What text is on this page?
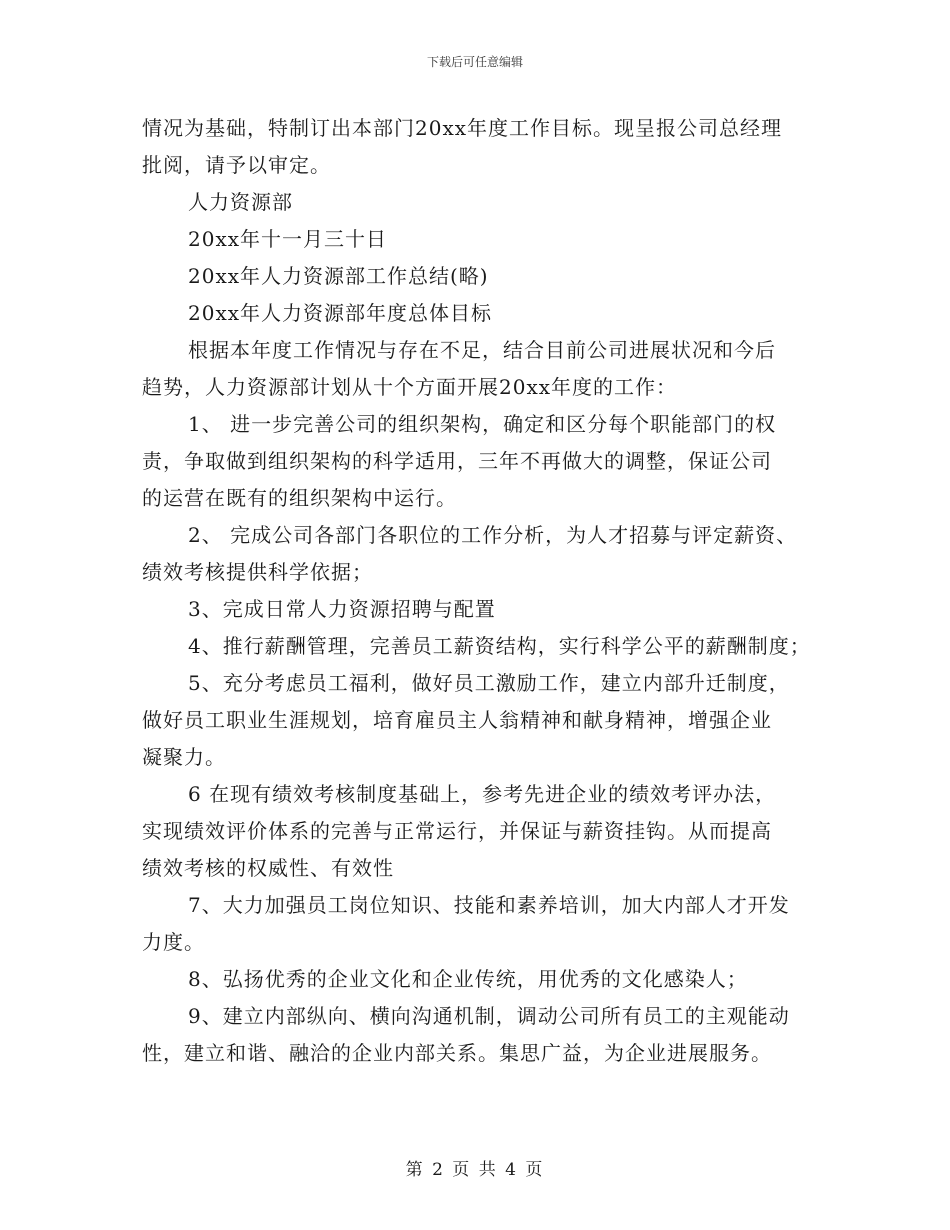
下载后可任意编辑
情况为基础，特制订出本部门20xx年度工作目标。现呈报公司总经理
批阅，请予以审定。
人力资源部
20xx年十一月三十日
20xx年人力资源部工作总结(略)
20xx年人力资源部年度总体目标
根据本年度工作情况与存在不足，结合目前公司进展状况和今后
趋势，人力资源部计划从十个方面开展20xx年度的工作：
1、 进一步完善公司的组织架构，确定和区分每个职能部门的权
责，争取做到组织架构的科学适用，三年不再做大的调整，保证公司
的运营在既有的组织架构中运行。
2、 完成公司各部门各职位的工作分析，为人才招募与评定薪资、
绩效考核提供科学依据；
3、完成日常人力资源招聘与配置
4、推行薪酬管理，完善员工薪资结构，实行科学公平的薪酬制度；
5、充分考虑员工福利，做好员工激励工作，建立内部升迁制度，
做好员工职业生涯规划，培育雇员主人翁精神和献身精神，增强企业
凝聚力。
6 在现有绩效考核制度基础上，参考先进企业的绩效考评办法，
实现绩效评价体系的完善与正常运行，并保证与薪资挂钩。从而提高
绩效考核的权威性、有效性
7、大力加强员工岗位知识、技能和素养培训，加大内部人才开发
力度。
8、弘扬优秀的企业文化和企业传统，用优秀的文化感染人；
9、建立内部纵向、横向沟通机制，调动公司所有员工的主观能动
性，建立和谐、融洽的企业内部关系。集思广益，为企业进展服务。
第 2 页 共 4 页
